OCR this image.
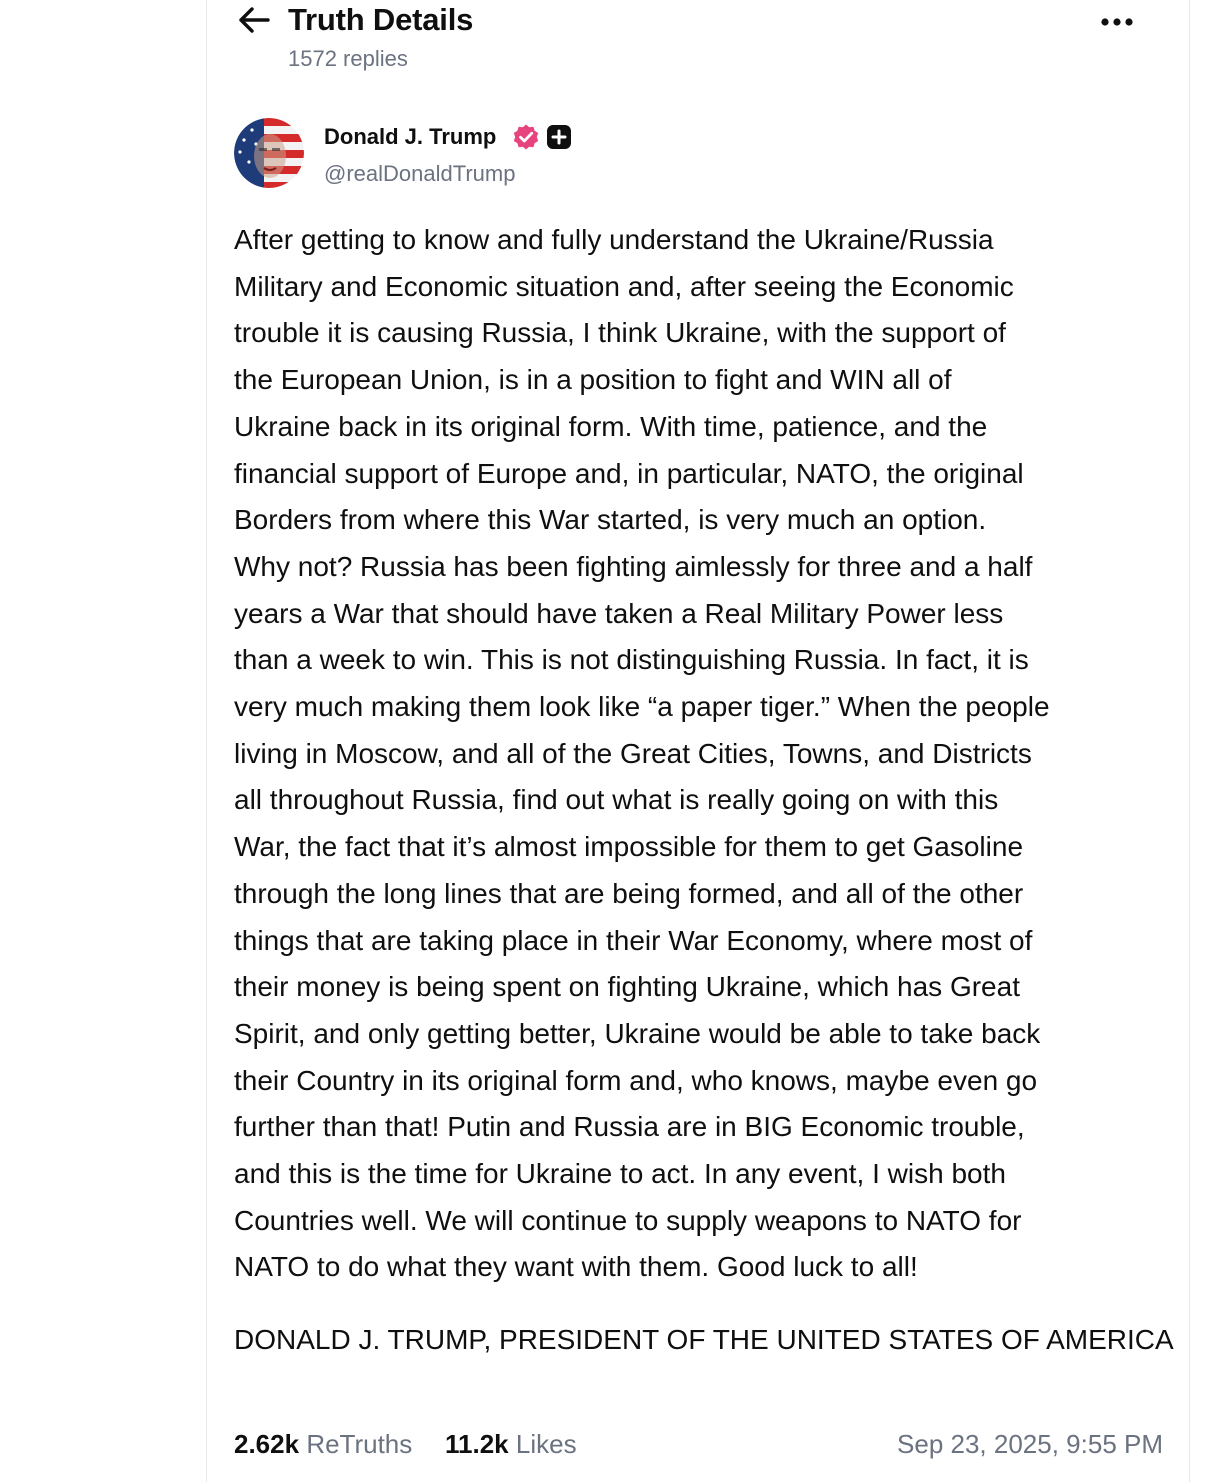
Truth Details
1572 replies
Donald J. Trump
@realDonaldTrump
After getting to know and fully understand the Ukraine/Russia
Military and Economic situation and, after seeing the Economic
trouble it is causing Russia, I think Ukraine, with the support of
the European Union, is in a position to fight and WIN all of
Ukraine back in its original form. With time, patience, and the
financial support of Europe and, in particular, NATO, the original
Borders from where this War started, is very much an option.
Why not? Russia has been fighting aimlessly for three and a half
years a War that should have taken a Real Military Power less
than a week to win. This is not distinguishing Russia. In fact, it is
very much making them look like “a paper tiger.” When the people
living in Moscow, and all of the Great Cities, Towns, and Districts
all throughout Russia, find out what is really going on with this
War, the fact that it’s almost impossible for them to get Gasoline
through the long lines that are being formed, and all of the other
things that are taking place in their War Economy, where most of
their money is being spent on fighting Ukraine, which has Great
Spirit, and only getting better, Ukraine would be able to take back
their Country in its original form and, who knows, maybe even go
further than that! Putin and Russia are in BIG Economic trouble,
and this is the time for Ukraine to act. In any event, I wish both
Countries well. We will continue to supply weapons to NATO for
NATO to do what they want with them. Good luck to all!
DONALD J. TRUMP, PRESIDENT OF THE UNITED STATES OF AMERICA
2.62k ReTruths 11.2k Likes	Sep 23, 2025, 9:55 PM
